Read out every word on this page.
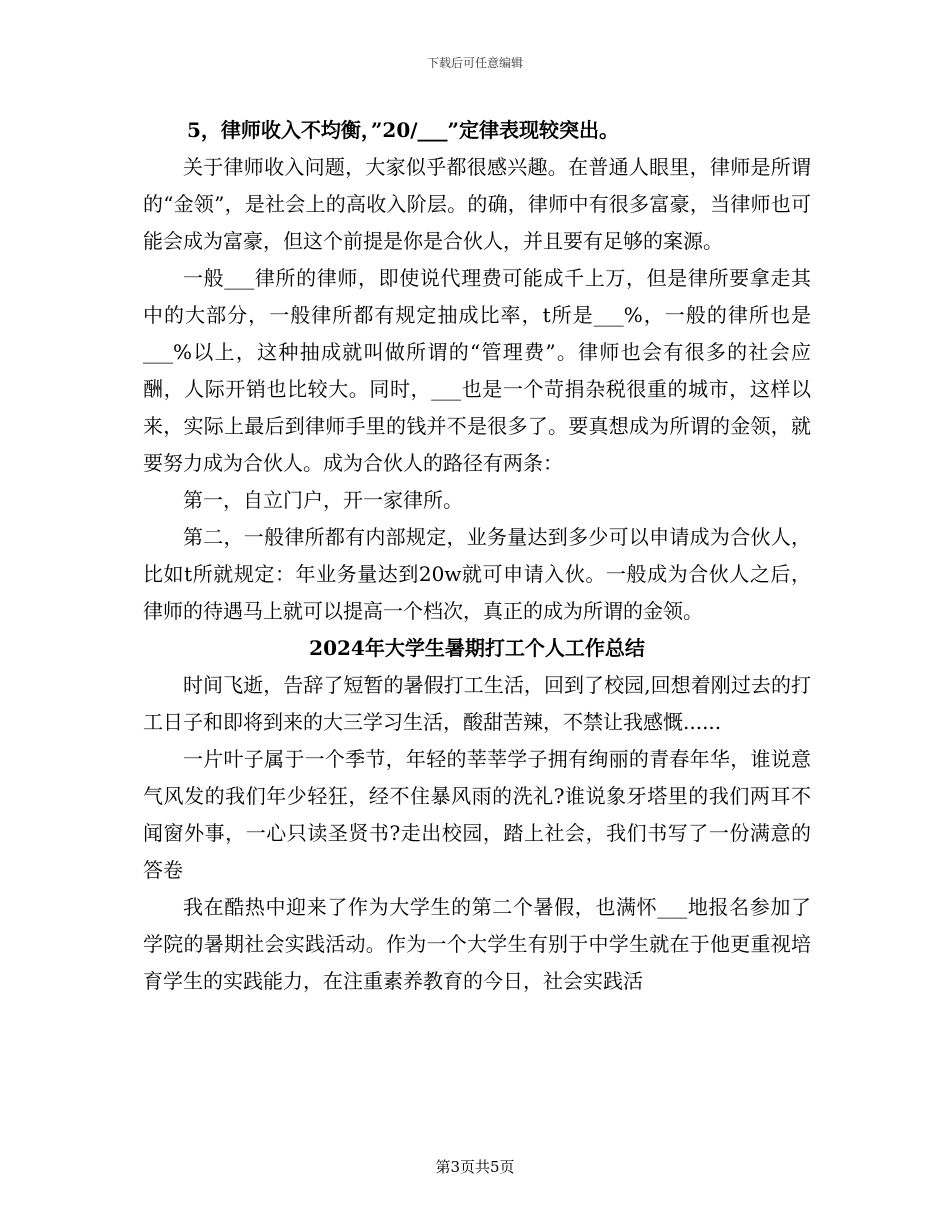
下载后可任意编辑

5，律师收入不均衡，”20/___”定律表现较突出。

关于律师收入问题，大家似乎都很感兴趣。在普通人眼里，律师是所谓的“金领”，是社会上的高收入阶层。的确，律师中有很多富豪，当律师也可能会成为富豪，但这个前提是你是合伙人，并且要有足够的案源。

一般___律所的律师，即使说代理费可能成千上万，但是律所要拿走其中的大部分，一般律所都有规定抽成比率，t所是___%，一般的律所也是___%以上，这种抽成就叫做所谓的“管理费”。律师也会有很多的社会应酬，人际开销也比较大。同时，___也是一个苛捐杂税很重的城市，这样以来，实际上最后到律师手里的钱并不是很多了。要真想成为所谓的金领，就要努力成为合伙人。成为合伙人的路径有两条：

第一，自立门户，开一家律所。

第二，一般律所都有内部规定，业务量达到多少可以申请成为合伙人，比如t所就规定：年业务量达到20w就可申请入伙。一般成为合伙人之后，律师的待遇马上就可以提高一个档次，真正的成为所谓的金领。

2024年大学生暑期打工个人工作总结

时间飞逝，告辞了短暂的暑假打工生活，回到了校园,回想着刚过去的打工日子和即将到来的大三学习生活，酸甜苦辣，不禁让我感慨......

一片叶子属于一个季节，年轻的莘莘学子拥有绚丽的青春年华，谁说意气风发的我们年少轻狂，经不住暴风雨的洗礼?谁说象牙塔里的我们两耳不闻窗外事，一心只读圣贤书?走出校园，踏上社会，我们书写了一份满意的答卷

我在酷热中迎来了作为大学生的第二个暑假，也满怀___地报名参加了学院的暑期社会实践活动。作为一个大学生有别于中学生就在于他更重视培育学生的实践能力，在注重素养教育的今日，社会实践活

第3页共5页
